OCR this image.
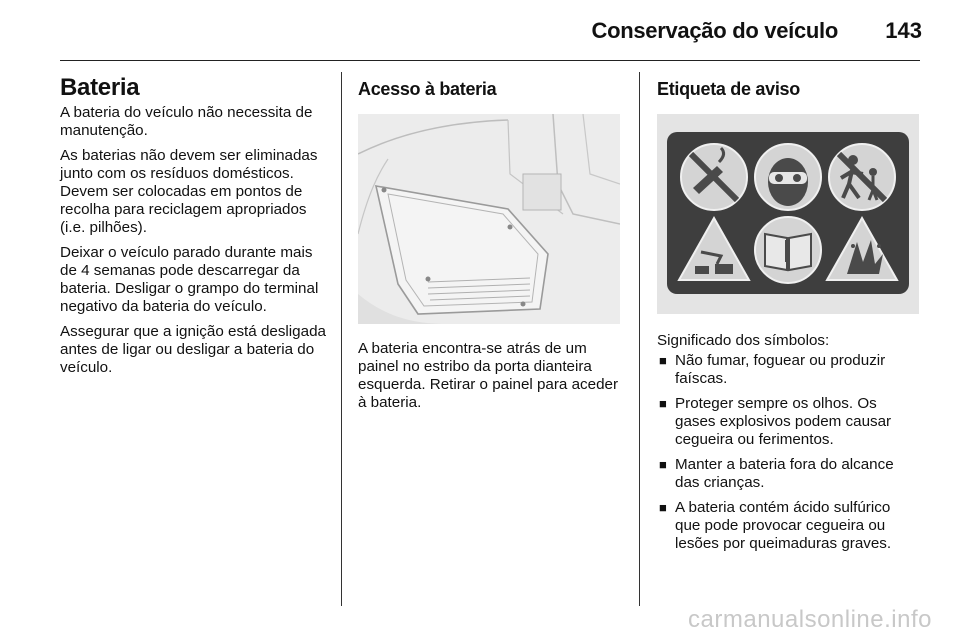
Conservação do veículo 143
Bateria

A bateria do veículo não necessita de manutenção.

As baterias não devem ser eliminadas junto com os resíduos domésticos. Devem ser colocadas em pontos de recolha para reciclagem apropriados (i.e. pilhões).

Deixar o veículo parado durante mais de 4 semanas pode descarregar da bateria. Desligar o grampo do terminal negativo da bateria do veículo.

Assegurar que a ignição está desligada antes de ligar ou desligar a bateria do veículo.

Acesso à bateria

A bateria encontra-se atrás de um painel no estribo da porta dianteira esquerda. Retirar o painel para aceder à bateria.

Etiqueta de aviso

Significado dos símbolos:

■ Não fumar, foguear ou produzir faíscas.
■ Proteger sempre os olhos. Os gases explosivos podem causar cegueira ou ferimentos.
■ Manter a bateria fora do alcance das crianças.
■ A bateria contém ácido sulfúrico que pode provocar cegueira ou lesões por queimaduras graves.
carmanualsonline.info
